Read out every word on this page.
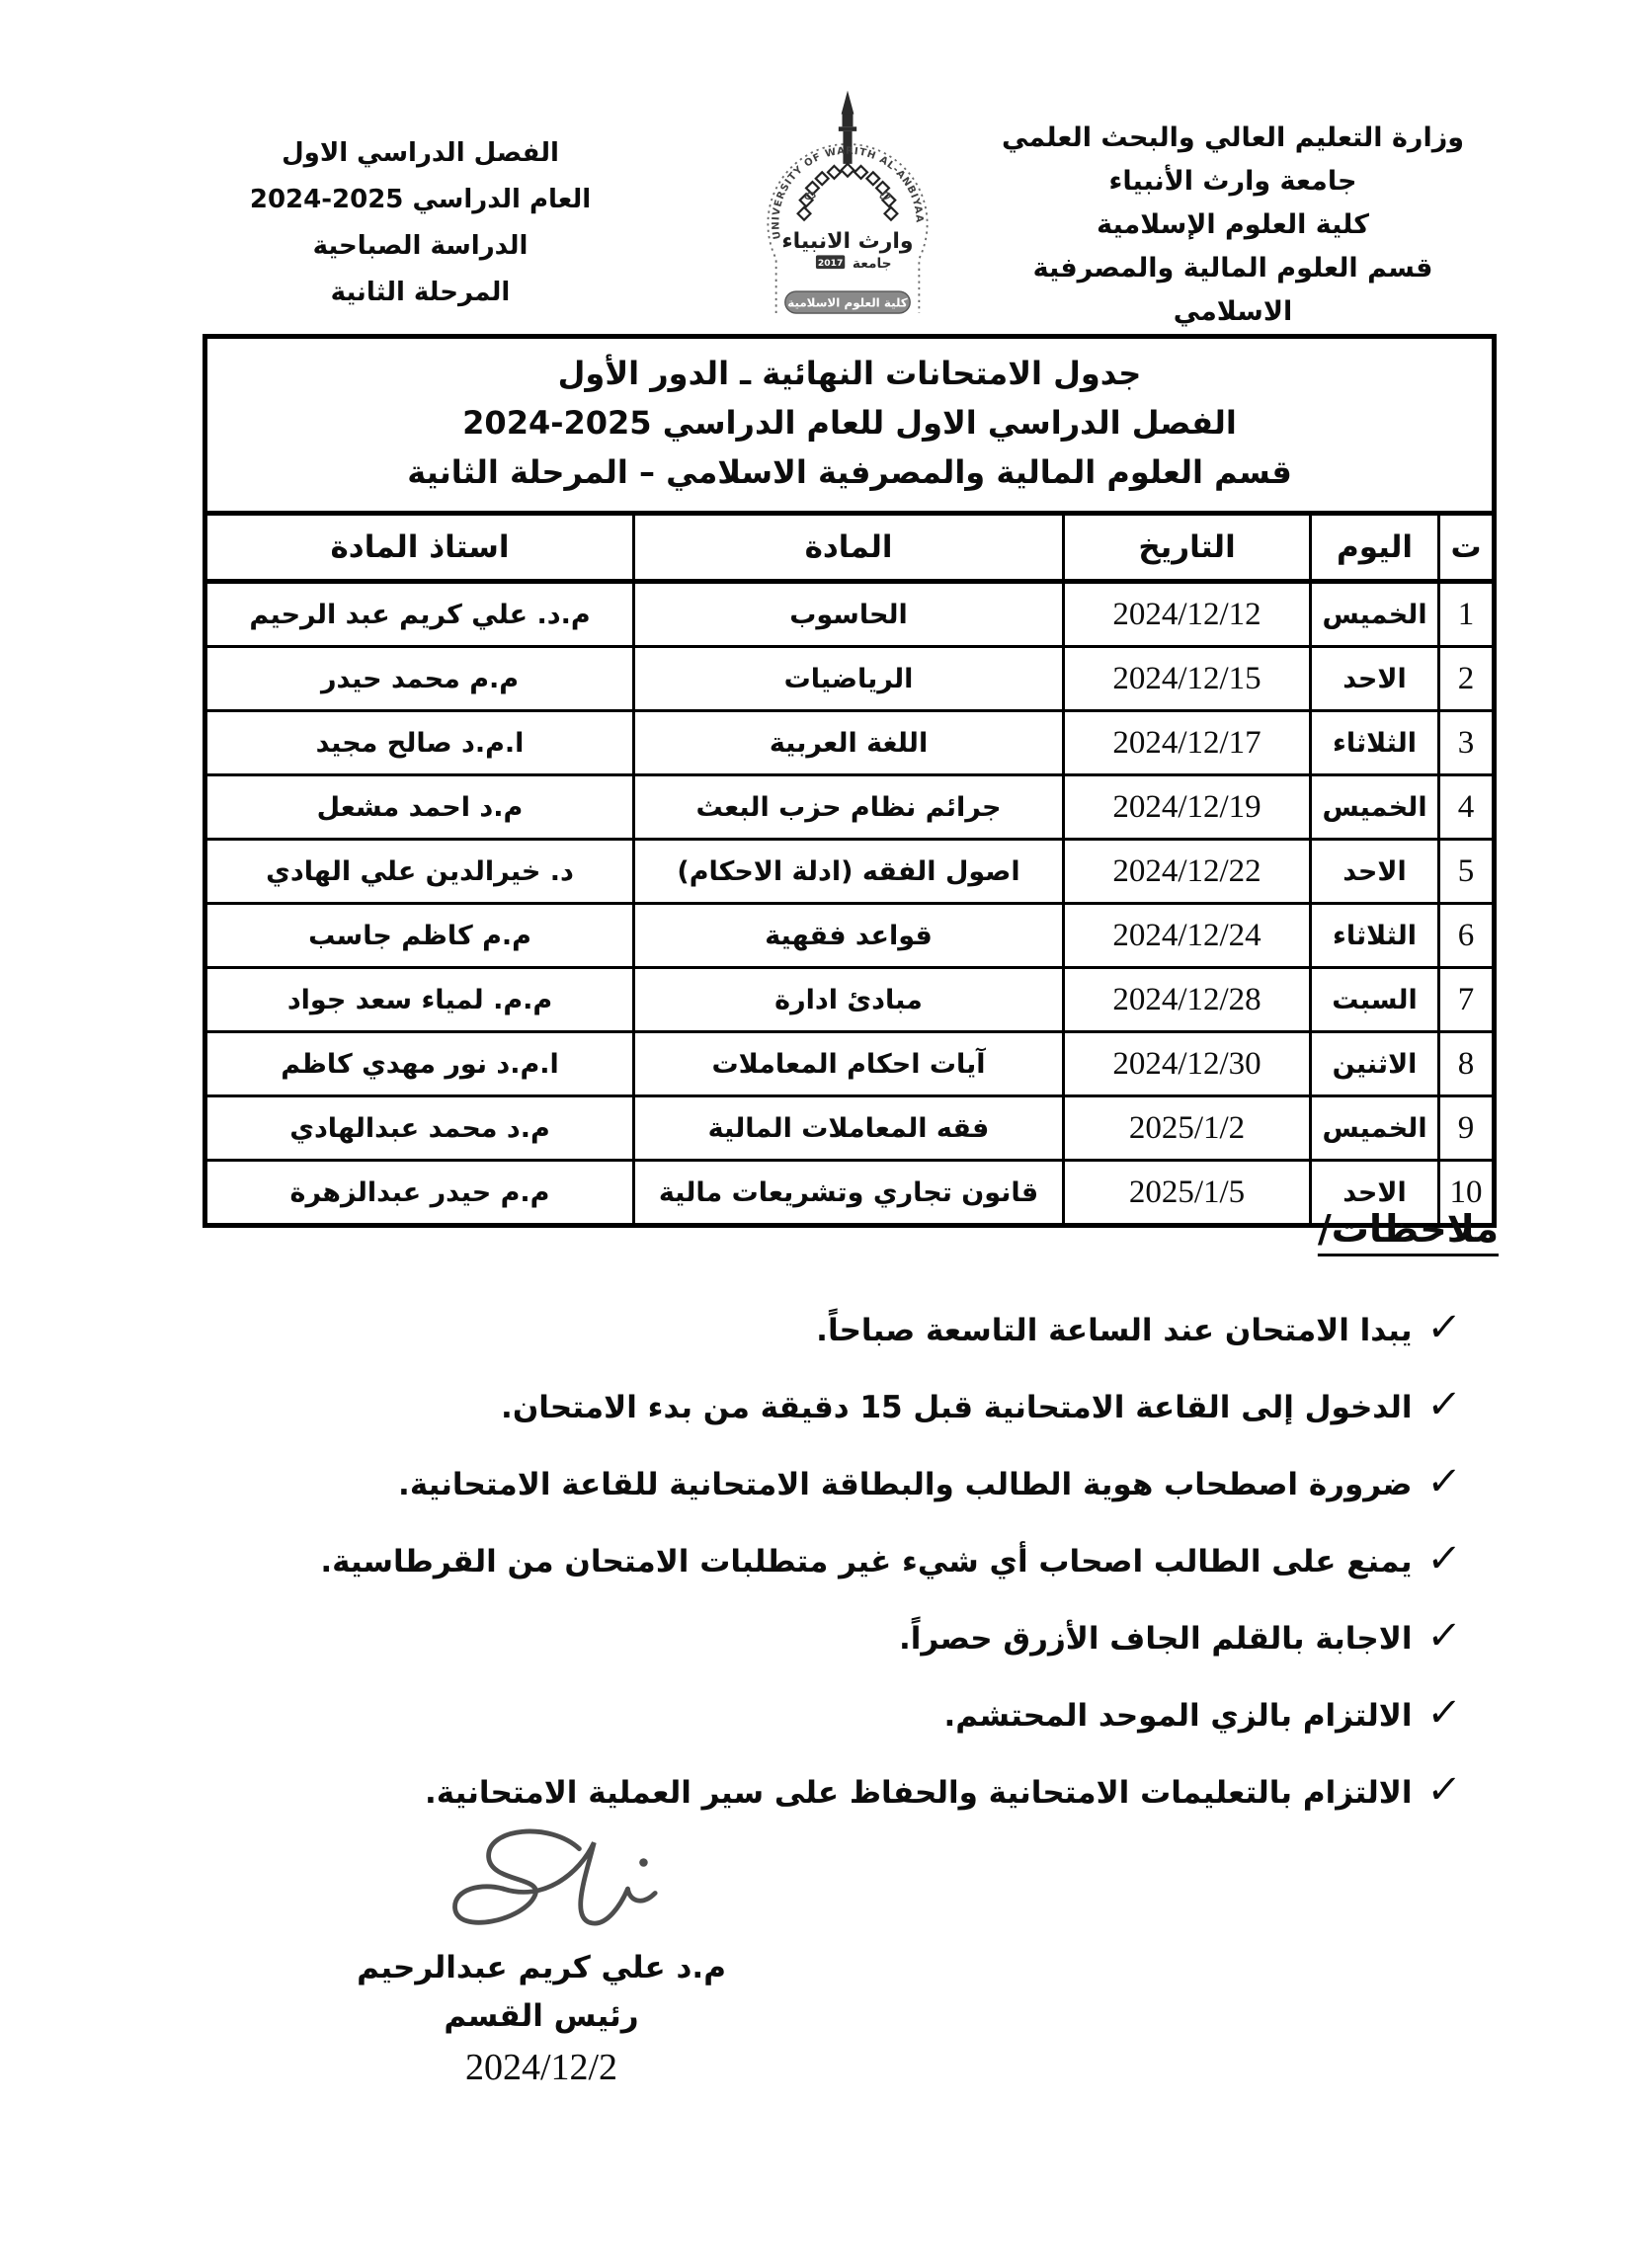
الفصل الدراسي الاول
العام الدراسي 2025-2024
الدراسة الصباحية
المرحلة الثانية
UNIVERSITY OF WARITH AL-ANBIYAA
وارث الانبياء
2017 جامعة
كلية العلوم الاسلامية
وزارة التعليم العالي والبحث العلمي
جامعة وارث الأنبياء
كلية العلوم الإسلامية
قسم العلوم المالية والمصرفية الاسلامي
جدول الامتحانات النهائية ـ الدور الأول
الفصل الدراسي الاول للعام الدراسي 2025-2024
قسم العلوم المالية والمصرفية الاسلامي – المرحلة الثانية				

ت	اليوم	التاريخ	المادة	استاذ المادة
1	الخميس	2024/12/12	الحاسوب	م.د. علي كريم عبد الرحيم
2	الاحد	2024/12/15	الرياضيات	م.م محمد حيدر
3	الثلاثاء	2024/12/17	اللغة العربية	ا.م.د صالح مجيد
4	الخميس	2024/12/19	جرائم نظام حزب البعث	م.د احمد مشعل
5	الاحد	2024/12/22	اصول الفقه (ادلة الاحكام)	د. خيرالدين علي الهادي
6	الثلاثاء	2024/12/24	قواعد فقهية	م.م كاظم جاسب
7	السبت	2024/12/28	مبادئ ادارة	م.م. لمياء سعد جواد
8	الاثنين	2024/12/30	آيات احكام المعاملات	ا.م.د نور مهدي كاظم
9	الخميس	2025/1/2	فقه المعاملات المالية	م.د محمد عبدالهادي
10	الاحد	2025/1/5	قانون تجاري وتشريعات مالية	م.م حيدر عبدالزهرة
ملاحظات/
✓
يبدا الامتحان عند الساعة التاسعة صباحاً.
✓
الدخول إلى القاعة الامتحانية قبل 15 دقيقة من بدء الامتحان.
✓
ضرورة اصطحاب هوية الطالب والبطاقة الامتحانية للقاعة الامتحانية.
✓
يمنع على الطالب اصحاب أي شيء غير متطلبات الامتحان من القرطاسية.
✓
الاجابة بالقلم الجاف الأزرق حصراً.
✓
الالتزام بالزي الموحد المحتشم.
✓
الالتزام بالتعليمات الامتحانية والحفاظ على سير العملية الامتحانية.
م.د علي كريم عبدالرحيم
رئيس القسم
2024/12/2
